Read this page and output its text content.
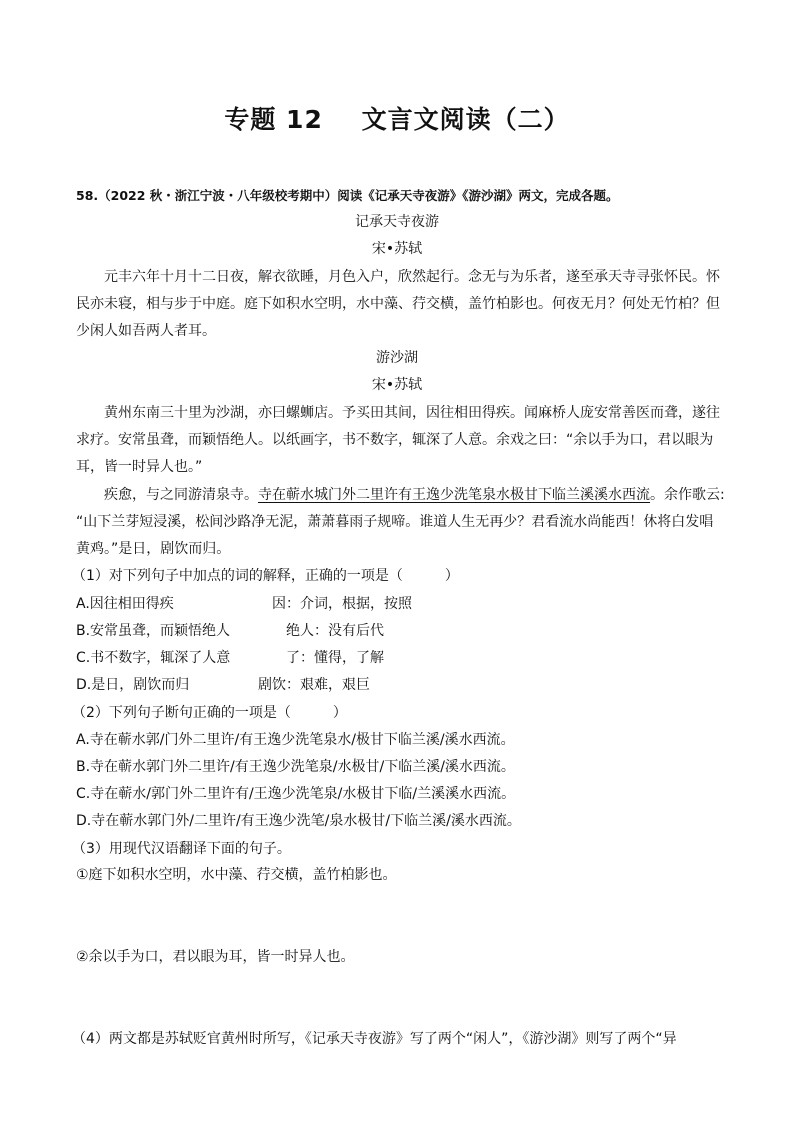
专题 12    文言文阅读（二）
58.（2022 秋・浙江宁波・八年级校考期中）阅读《记承天寺夜游》《游沙湖》两文，完成各题。
记承天寺夜游
宋•苏轼
元丰六年十月十二日夜，解衣欲睡，月色入户，欣然起行。念无与为乐者，遂至承天寺寻张怀民。怀
民亦未寝，相与步于中庭。庭下如积水空明，水中藻、荇交横，盖竹柏影也。何夜无月？何处无竹柏？但
少闲人如吾两人者耳。
游沙湖
宋•苏轼
黄州东南三十里为沙湖，亦曰螺蛳店。予买田其间，因往相田得疾。闻麻桥人庞安常善医而聋，遂往
求疗。安常虽聋，而颖悟绝人。以纸画字，书不数字，辄深了人意。余戏之曰：“余以手为口，君以眼为
耳，皆一时异人也。”
疾愈，与之同游清泉寺。寺在蕲水城门外二里许有王逸少洗笔泉水极甘下临兰溪溪水西流。余作歌云:
“山下兰芽短浸溪，松间沙路净无泥，萧萧暮雨子规啼。谁道人生无再少？君看流水尚能西！休将白发唱
黄鸡。”是日，剧饮而归。
（1）对下列句子中加点的词的解释，正确的一项是（　　　）
A.因往相田得疾	因：介词，根据，按照
B.安常虽聋，而颖悟绝人	绝人：没有后代
C.书不数字，辄深了人意	了：懂得，了解
D.是日，剧饮而归	剧饮：艰难，艰巨
（2）下列句子断句正确的一项是（　　　）
A.寺在蕲水郭/门外二里许/有王逸少洗笔泉水/极甘下临兰溪/溪水西流。
B.寺在蕲水郭门外二里许/有王逸少洗笔泉/水极甘/下临兰溪/溪水西流。
C.寺在蕲水/郭门外二里许有/王逸少洗笔泉/水极甘下临/兰溪溪水西流。
D.寺在蕲水郭门外/二里许/有王逸少洗笔/泉水极甘/下临兰溪/溪水西流。
（3）用现代汉语翻译下面的句子。
①庭下如积水空明，水中藻、荇交横，盖竹柏影也。
②余以手为口，君以眼为耳，皆一时异人也。
（4）两文都是苏轼贬官黄州时所写，《记承天寺夜游》写了两个“闲人”，《游沙湖》则写了两个“异
